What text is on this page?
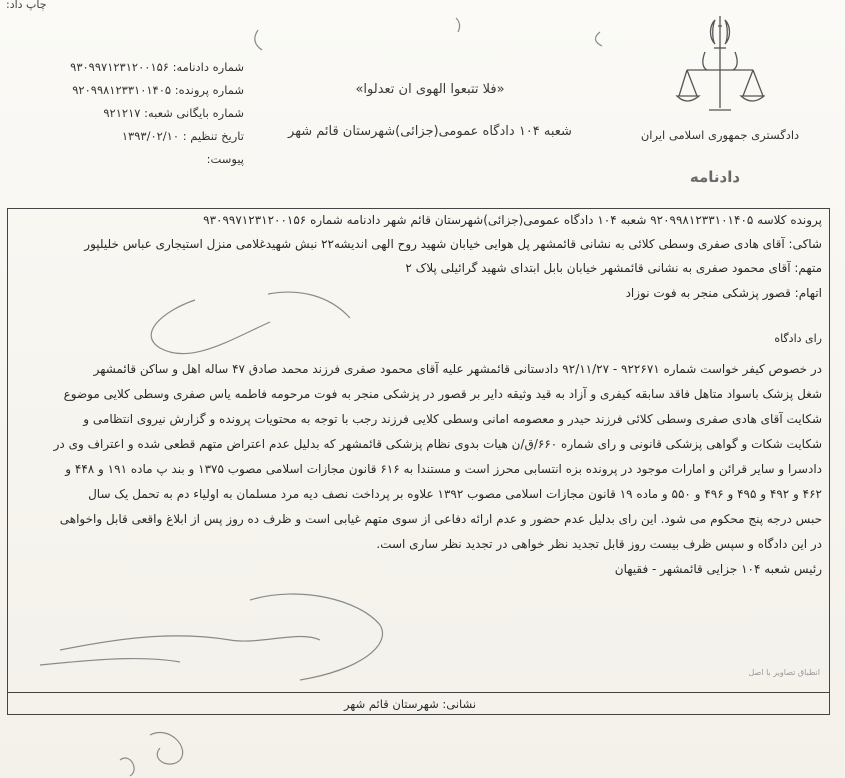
چاپ داد:
شماره دادنامه: ۹۳۰۹۹۷۱۲۳۱۲۰۰۱۵۶
شماره پرونده: ۹۲۰۹۹۸۱۲۳۳۱۰۱۴۰۵
شماره بایگانی شعبه: ۹۲۱۲۱۷
تاریخ تنظیم : ۱۳۹۳/۰۲/۱۰
پیوست:
«فلا تتبعوا الهوی ان تعدلوا»
شعبه ۱۰۴ دادگاه عمومی(جزائی)شهرستان قائم شهر	دادگستری جمهوری اسلامی ایران
دادنامه
پرونده کلاسه ۹۲۰۹۹۸۱۲۳۳۱۰۱۴۰۵ شعبه ۱۰۴ دادگاه عمومی(جزائی)شهرستان قائم شهر دادنامه شماره ۹۳۰۹۹۷۱۲۳۱۲۰۰۱۵۶
شاکی: آقای هادی صفری وسطی کلائی به نشانی قائمشهر پل هوایی خیابان شهید روح الهی اندیشه۲۲ نبش شهیدغلامی منزل استیجاری عباس خلیلپور
متهم: آقای محمود صفری به نشانی قائمشهر خیابان بابل ابتدای شهید گرائیلی پلاک ۲
اتهام: قصور پزشکی منجر به فوت نوزاد
رای دادگاه
در خصوص کیفر خواست شماره ۹۲۲۶۷۱ - ۹۲/۱۱/۲۷ دادستانی قائمشهر علیه آقای محمود صفری فرزند محمد صادق ۴۷ ساله اهل و ساکن قائمشهر
شغل پزشک باسواد متاهل فاقد سابقه کیفری و آزاد به قید وثیقه دایر بر قصور در پزشکی منجر به فوت مرحومه فاطمه یاس صفری وسطی کلایی موضوع
شکایت آقای هادی صفری وسطی کلائی فرزند حیدر و معصومه امانی وسطی کلایی فرزند رجب با توجه به محتویات پرونده و گزارش نیروی انتظامی و
شکایت شکات و گواهی پزشکی قانونی و رای شماره ۶۶۰/ق/ن هیات بدوی نظام پزشکی قائمشهر که بدلیل عدم اعتراض متهم قطعی شده و اعتراف وی در
دادسرا و سایر قرائن و امارات موجود در پرونده بزه انتسابی محرز است و مستندا به ۶۱۶ قانون مجازات اسلامی مصوب ۱۳۷۵ و بند پ ماده ۱۹۱ و ۴۴۸ و
۴۶۲ و ۴۹۲ و ۴۹۵ و ۴۹۶ و ۵۵۰ و ماده ۱۹ قانون مجازات اسلامی مصوب ۱۳۹۲ علاوه بر پرداخت نصف دیه مرد مسلمان به اولیاء دم به تحمل یک سال
حبس درجه پنج محکوم می شود. این رای بدلیل عدم حضور و عدم ارائه دفاعی از سوی متهم غیابی است و ظرف ده روز پس از ابلاغ واقعی قابل واخواهی
در این دادگاه و سپس ظرف بیست روز قابل تجدید نظر خواهی در تجدید نظر ساری است.
رئیس شعبه ۱۰۴ جزایی قائمشهر - فقیهان
انطباق تصاویر با اصل
نشانی: شهرستان قائم شهر
